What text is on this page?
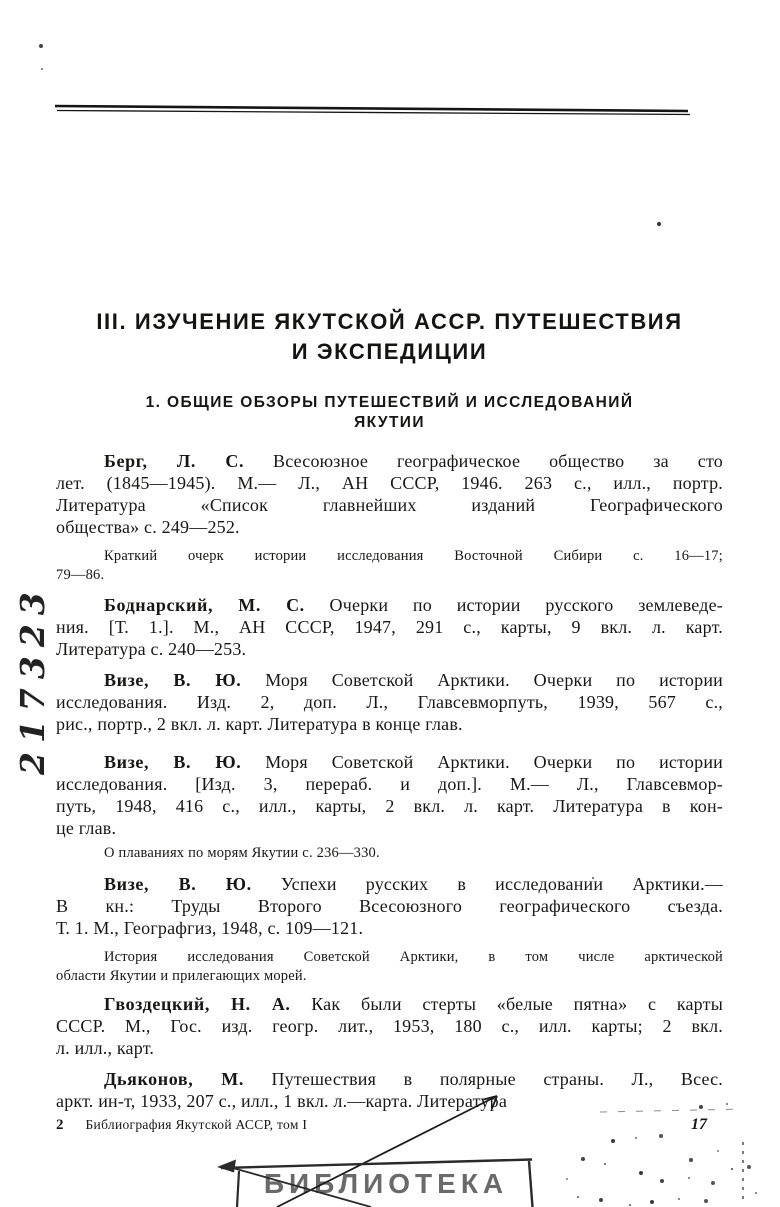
III. ИЗУЧЕНИЕ ЯКУТСКОЙ АССР. ПУТЕШЕСТВИЯ
И ЭКСПЕДИЦИИ
1. ОБЩИЕ ОБЗОРЫ ПУТЕШЕСТВИЙ И ИССЛЕДОВАНИЙ
ЯКУТИИ

Берг, Л. С. Всесоюзное географическое общество за сто
лет. (1845—1945). М.— Л., АН СССР, 1946. 263 с., илл., портр.
Литература «Список главнейших изданий Географического
общества» с. 249—252.

Краткий очерк истории исследования Восточной Сибири с. 16—17;
79—86.

Боднарский, М. С. Очерки по истории русского землеведе-
ния. [Т. 1.]. М., АН СССР, 1947, 291 с., карты, 9 вкл. л. карт.
Литература с. 240—253.

Визе, В. Ю. Моря Советской Арктики. Очерки по истории
исследования. Изд. 2, доп. Л., Главсевморпуть, 1939, 567 с.,
рис., портр., 2 вкл. л. карт. Литература в конце глав.

Визе, В. Ю. Моря Советской Арктики. Очерки по истории
исследования. [Изд. 3, перераб. и доп.]. М.— Л., Главсевмор-
путь, 1948, 416 с., илл., карты, 2 вкл. л. карт. Литература в кон-
це глав.

О плаваниях по морям Якутии с. 236—330.

Визе, В. Ю. Успехи русских в исследовании Арктики.—
В кн.: Труды Второго Всесоюзного географического съезда.
Т. 1. М., Географгиз, 1948, с. 109—121.

История исследования Советской Арктики, в том числе арктической
области Якутии и прилегающих морей.

Гвоздецкий, Н. А. Как были стерты «белые пятна» с карты
СССР. М., Гос. изд. геогр. лит., 1953, 180 с., илл. карты; 2 вкл.
л. илл., карт.

Дьяконов, М. Путешествия в полярные страны. Л., Всес.
аркт. ин-т, 1933, 207 с., илл., 1 вкл. л.—карта. Литература

217323
2 Библиография Якутской АССР, том I	17
БИБЛИОТЕКА
